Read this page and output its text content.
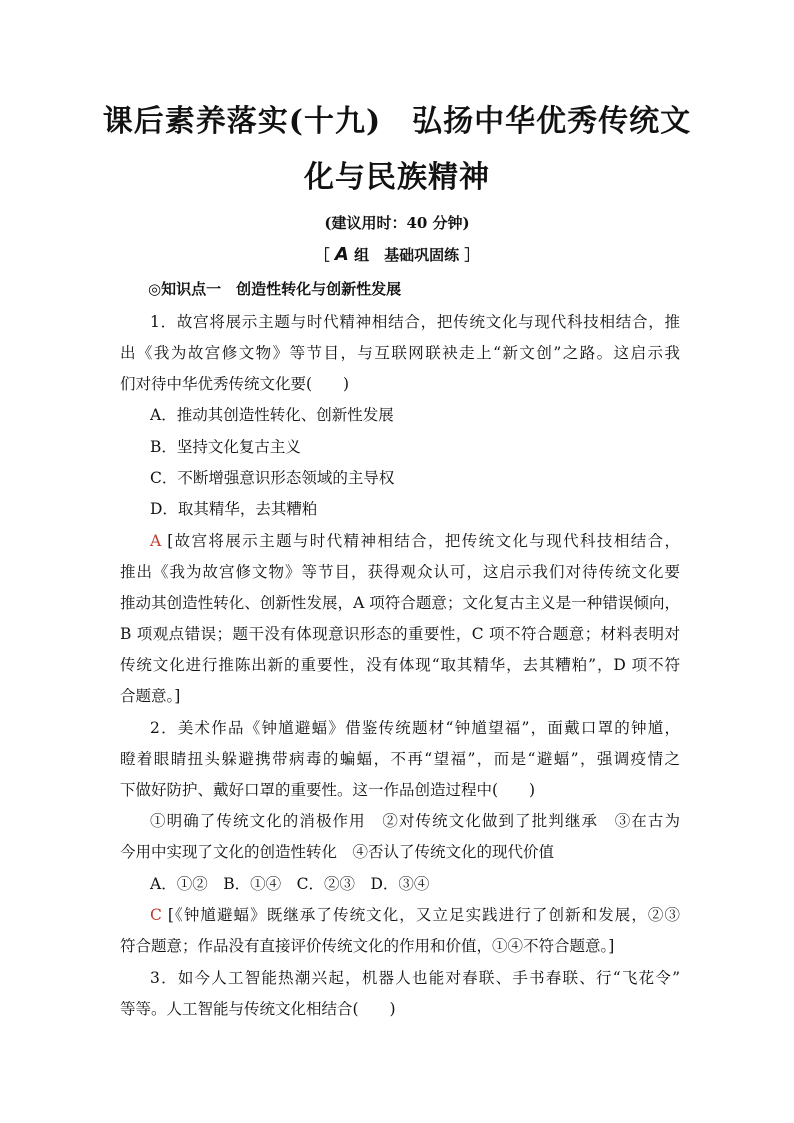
课后素养落实(十九)　弘扬中华优秀传统文
化与民族精神
(建议用时：40 分钟)
［ A 组　基础巩固练 ］
◎知识点一　创造性转化与创新性发展
1．故宫将展示主题与时代精神相结合，把传统文化与现代科技相结合，推
出《我为故宫修文物》等节目，与互联网联袂走上“新文创”之路。这启示我
们对待中华优秀传统文化要(　　)
A．推动其创造性转化、创新性发展
B．坚持文化复古主义
C．不断增强意识形态领域的主导权
D．取其精华，去其糟粕
A [故宫将展示主题与时代精神相结合，把传统文化与现代科技相结合，
推出《我为故宫修文物》等节目，获得观众认可，这启示我们对待传统文化要
推动其创造性转化、创新性发展，A 项符合题意；文化复古主义是一种错误倾向，
B 项观点错误；题干没有体现意识形态的重要性，C 项不符合题意；材料表明对
传统文化进行推陈出新的重要性，没有体现“取其精华，去其糟粕”，D 项不符
合题意。]
2．美术作品《钟馗避蝠》借鉴传统题材“钟馗望福”，面戴口罩的钟馗，
瞪着眼睛扭头躲避携带病毒的蝙蝠，不再“望福”，而是“避蝠”，强调疫情之
下做好防护、戴好口罩的重要性。这一作品创造过程中(　　)
①明确了传统文化的消极作用　②对传统文化做到了批判继承　③在古为
今用中实现了文化的创造性转化　④否认了传统文化的现代价值
A．①②　B．①④　C．②③　D．③④
C [《钟馗避蝠》既继承了传统文化，又立足实践进行了创新和发展，②③
符合题意；作品没有直接评价传统文化的作用和价值，①④不符合题意。]
3．如今人工智能热潮兴起，机器人也能对春联、手书春联、行“飞花令”
等等。人工智能与传统文化相结合(　　)
